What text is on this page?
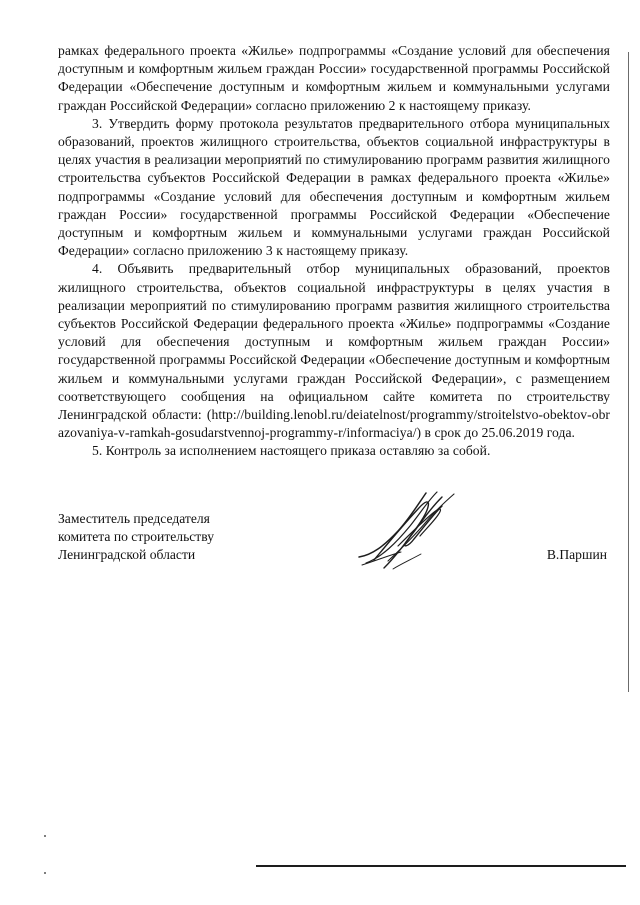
рамках федерального проекта «Жилье» подпрограммы «Создание условий для обеспечения доступным и комфортным жильем граждан России» государственной программы Российской Федерации «Обеспечение доступным и комфортным жильем и коммунальными услугами граждан Российской Федерации» согласно приложению 2 к настоящему приказу.

3. Утвердить форму протокола результатов предварительного отбора муниципальных образований, проектов жилищного строительства, объектов социальной инфраструктуры в целях участия в реализации мероприятий по стимулированию программ развития жилищного строительства субъектов Российской Федерации в рамках федерального проекта «Жилье» подпрограммы «Создание условий для обеспечения доступным и комфортным жильем граждан России» государственной программы Российской Федерации «Обеспечение доступным и комфортным жильем и коммунальными услугами граждан Российской Федерации» согласно приложению 3 к настоящему приказу.

4. Объявить предварительный отбор муниципальных образований, проектов жилищного строительства, объектов социальной инфраструктуры в целях участия в реализации мероприятий по стимулированию программ развития жилищного строительства субъектов Российской Федерации федерального проекта «Жилье» подпрограммы «Создание условий для обеспечения доступным и комфортным жильем граждан России» государственной программы Российской Федерации «Обеспечение доступным и комфортным жильем и коммунальными услугами граждан Российской Федерации», с размещением соответствующего сообщения на официальном сайте комитета по строительству Ленинградской области: (http://building.lenobl.ru/deiatelnost/programmy/stroitelstvo-obektov-obrazovaniya-v-ramkah-gosudarstvennoj-programmy-r/informaciya/) в срок до 25.06.2019 года.

5. Контроль за исполнением настоящего приказа оставляю за собой.

Заместитель председателя
комитета по строительству
Ленинградской области	В.Паршин
